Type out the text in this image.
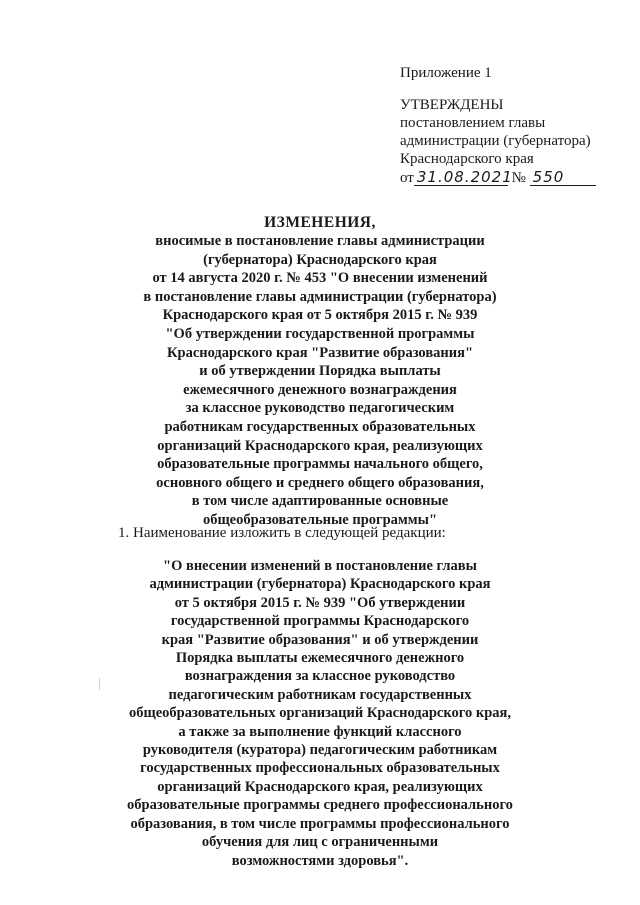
Приложение 1
УТВЕРЖДЕНЫ
постановлением главы
администрации (губернатора)
Краснодарского края
от 31.08.2021 № 550
ИЗМЕНЕНИЯ,
вносимые в постановление главы администрации
(губернатора) Краснодарского края
от 14 августа 2020 г. № 453 "О внесении изменений
в постановление главы администрации (губернатора)
Краснодарского края от 5 октября 2015 г. № 939
"Об утверждении государственной программы
Краснодарского края "Развитие образования"
и об утверждении Порядка выплаты
ежемесячного денежного вознаграждения
за классное руководство педагогическим
работникам государственных образовательных
организаций Краснодарского края, реализующих
образовательные программы начального общего,
основного общего и среднего общего образования,
в том числе адаптированные основные
общеобразовательные программы"
1. Наименование изложить в следующей редакции:
"О внесении изменений в постановление главы
администрации (губернатора) Краснодарского края
от 5 октября 2015 г. № 939 "Об утверждении
государственной программы Краснодарского
края "Развитие образования" и об утверждении
Порядка выплаты ежемесячного денежного
вознаграждения за классное руководство
педагогическим работникам государственных
общеобразовательных организаций Краснодарского края,
а также за выполнение функций классного
руководителя (куратора) педагогическим работникам
государственных профессиональных образовательных
организаций Краснодарского края, реализующих
образовательные программы среднего профессионального
образования, в том числе программы профессионального
обучения для лиц с ограниченными
возможностями здоровья".
